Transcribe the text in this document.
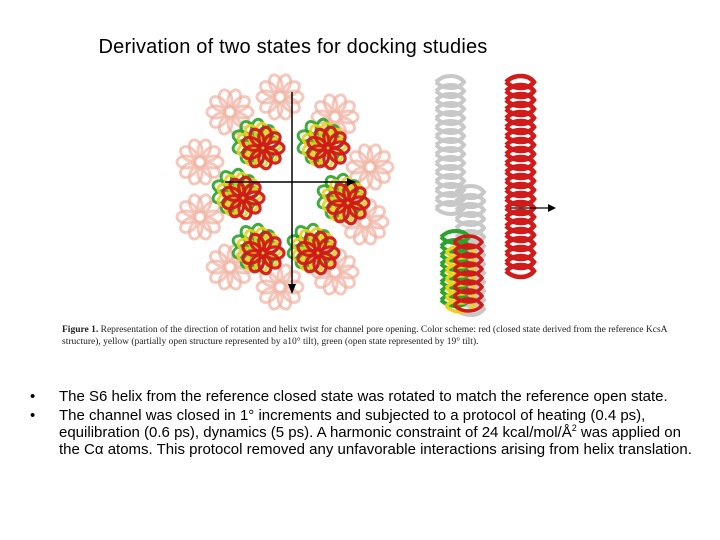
Derivation of two states for docking studies
Figure 1. Representation of the direction of rotation and helix twist for channel pore opening. Color scheme: red (closed state derived from the reference KcsA structure), yellow (partially open structure represented by a10° tilt), green (open state represented by 19° tilt).
• The S6 helix from the reference closed state was rotated to match the reference open state.
• The channel was closed in 1° increments and subjected to a protocol of heating (0.4 ps), equilibration (0.6 ps), dynamics (5 ps). A harmonic constraint of 24 kcal/$mol/Å^2$ was applied on the Cα atoms. This protocol removed any unfavorable interactions arising from helix translation.
